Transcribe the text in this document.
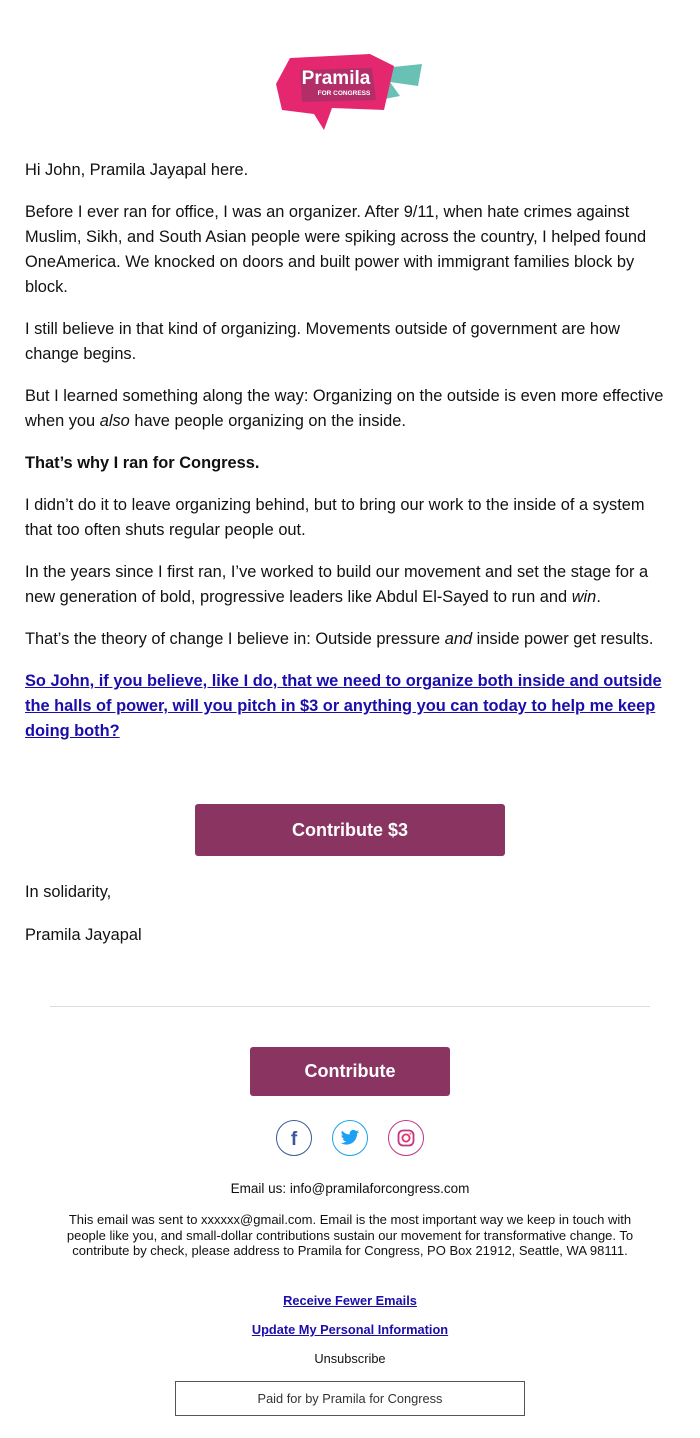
Pramila
FOR CONGRESS

Hi John, Pramila Jayapal here.

Before I ever ran for office, I was an organizer. After 9/11, when hate crimes against Muslim, Sikh, and South Asian people were spiking across the country, I helped found OneAmerica. We knocked on doors and built power with immigrant families block by block.

I still believe in that kind of organizing. Movements outside of government are how change begins.

But I learned something along the way: Organizing on the outside is even more effective when you also have people organizing on the inside.

That’s why I ran for Congress.

I didn’t do it to leave organizing behind, but to bring our work to the inside of a system that too often shuts regular people out.

In the years since I first ran, I’ve worked to build our movement and set the stage for a new generation of bold, progressive leaders like Abdul El-Sayed to run and win.

That’s the theory of change I believe in: Outside pressure and inside power get results.

So John, if you believe, like I do, that we need to organize both inside and outside the halls of power, will you pitch in $3 or anything you can today to help me keep doing both?
Contribute $3
In solidarity,
Pramila Jayapal
Contribute
f
Email us: info@pramilaforcongress.com
This email was sent to xxxxxx@gmail.com. Email is the most important way we keep in touch with people like you, and small-dollar contributions sustain our movement for transformative change. To contribute by check, please address to Pramila for Congress, PO Box 21912, Seattle, WA 98111.
Receive Fewer Emails
Update My Personal Information
Unsubscribe
Paid for by Pramila for Congress
